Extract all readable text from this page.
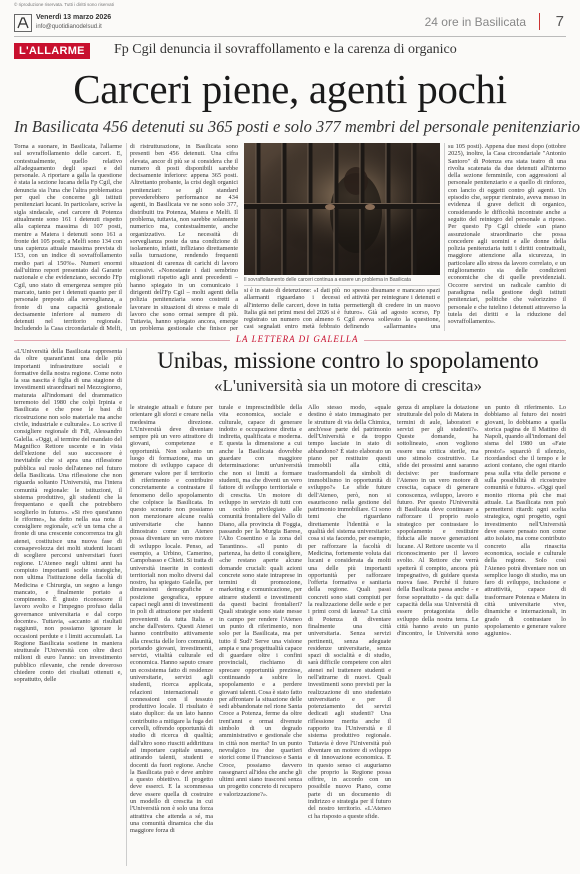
© riproduzione riservata. Tutti i diritti sono riservati
Venerdì 13 marzo 2026
info@quotidianodelsud.it	24 ore in Basilicata 7
L'ALLARME	Fp Cgil denuncia il sovraffollamento e la carenza di organico
Carceri piene, agenti pochi
In Basilicata 456 detenuti su 365 posti e solo 377 membri del personale penitenziario

Torna a suonare, in Basilicata, l'allarme sul sovraffollamento delle carceri. E, contestualmente, quello relativo all'adeguamento degli spazi e del personale. A riportare a galla la questione è stata la sezione lucana della Fp Cgil, che denuncia sia l'una che l'altra problematica per quel che concerne gli istituti penitenziari lucani. In particolare, scrive la sigla sindacale, «nel carcere di Potenza attualmente sono 161 i detenuti rispetto alla capienza massima di 107 posti, mentre a Matera i detenuti sono 161 a fronte dei 105 posti; a Melfi sono 134 con una capienza attuale massima prevista di 153, con un indice di sovraffollamento medio pari al 150%». Numeri enormi dall'ultimo report presentato dal Garante nazionale e che evidenziano, secondo l'Fp Cgil, uno stato di emergenza sempre più marcato, tanto per i detenuti quanto per il personale preposto alla sorveglianza, a fronte di una capacità gestionale decisamente inferiore al numero di detenuti nel territorio regionale. Includendo la Casa circondariale di Melfi,

di ristrutturazione, in Basilicata sono presenti ben 456 detenuti. Una cifra elevata, ancor di più se si considera che il numero di posti disponibili sarebbe decisamente inferiore: appena 365 posti. Altrettanto probante, la crisi degli organici penitenziari: se gli standard prevederebbero performance ne 434 agenti, in Basilicata ve ne sono solo 377, distribuiti tra Potenza, Matera e Melfi. Il problema, tuttavia, non sarebbe solamente numerico ma, contestualmente, anche organizzativo. Le necessità di sorveglianza poste da una condizione di isolamento, infatti, infliziano direttamente sulla turnazione, rendendo frequenti situazioni di carenza di carichi di lavoro eccessivi. «Nonostante i dati sembrino migliorati rispetto agli anni precedenti – hanno spiegato in un comunicato i dirigenti dell'Fp Cgil – molti agenti della polizia penitenziaria sono costretti a lavorare in situazioni di stress e male di lavoro che sono ormai sempre di più. Tuttavia, hanno spiegato ancora, emerge un problema gestionale che finisce per

Il sovraffollamento delle carceri continua a essere un problema in Basilicata

si è in stato di detenzione: «I dati più allarmanti riguardano i decessi all'interno delle carceri, dove in tutta Italia già nei primi mesi del 2026 si è registrato un numero con almeno 6 casi segnalati entro metà febbraio

no spesso disumane e mancano spazi ed attività per reintegrare i detenuti e permettergli di credere in un nuovo futuro». Già ad agosto scorso, Fp Cgil aveva sollevato la questione, definendo «allarmante» una

su 105 posti). Appena due mesi dopo (ottobre 2025), inoltre, la Casa circondariale "Antonio Santoro" di Potenza era stata teatro di una rivolta scatenata da due detenuti all'interno della sezione femminile, con aggressioni al personale penitenziario e a quello di rinforzo, con lancio di oggetti contro gli agenti. Un episodio che, seppur rientrato, aveva messo in evidenza il grave deficit di organico, considerando le difficoltà incontrate anche a seguito del reintegro del personale a riposo. Per questo Fp Cgil chiede «un piano assunzionale straordinario che possa concedere agli uomini e alle donne della polizia penitenziaria tutti i diritti contrattuali, maggiore attenzione alla sicurezza, in particolare allo stress da lavoro correlato, e un miglioramento sia delle condizioni economiche che di quelle previdenziali. Occorre servirsi un radicale cambio di paradigma nella gestione degli istituti penitenziari, politiche che valorizzino il personale e che tutelino i detenuti attraverso la tutela dei diritti e la riduzione del sovraffollamento».

LA LETTERA DI GALELLA

«L'Università della Basilicata rappresenta da oltre quarant'anni una delle più importanti infrastrutture sociali e formative della nostra regione. Come noto la sua nascita è figlia di una stagione di investimenti straordinari nel Mezzogiorno, maturata all'indomani del drammatico terremoto del 1980 che colpì Irpinia e Basilicata e che pose le basi di ricostruzione non solo materiale ma anche civile, industriale e culturale». Lo scrive il consigliere regionale di FdI, Alessandro Galella. «Oggi, al termine del mandato del Magnifico Rettore uscente e in vista dell'elezione del suo successore è inevitabile che si apra una riflessione pubblica sul ruolo dell'ateneo nel futuro della Basilicata. Una riflessione che non riguarda soltanto l'Università, ma l'intera comunità regionale: le istituzioni, il sistema produttivo, gli studenti che la frequentano e quelli che potrebbero sceglierlo in futuro». «Si rivo quest'anno le riforme», ha detto nella sua nota il consigliere regionale, «c'è un tema che a fronte di una crescente concorrenza tra gli atenei, costituisce una nuova fase di consapevolezza dei molti studenti lucani di scegliere percorsi universitari fuori regione. L'Ateneo negli ultimi anni ha compiuto importanti scelte strategiche, non ultima l'istituzione della facoltà di Medicina e Chirurgia, un segno a lungo mancato, e finalmente portato a compimento. È giusto riconoscere il lavoro svolto e l'impegno profuso dalla governance universitaria e dal corpo docente». Tuttavia, «accanto ai risultati raggiunti, non possiamo ignorare le occasioni perdute e i limiti accumulati. La Regione Basilicata sostiene in maniera strutturale l'Università con oltre dieci milioni di euro l'anno: un investimento pubblico rilevante, che rende doveroso chiedere conto dei risultati ottenuti e, soprattutto, delle

Unibas, missione contro lo spopolamento
«L'università sia un motore di crescita»

le strategie attuali e future per orientare gli sforzi e creare nella medesima direzione. L'Università deve diventare sempre più un vero attrattore di giovani, competenze e opportunità. Non soltanto un luogo di formazione, ma un motore di sviluppo capace di generare valore per il territorio di riferimento e contribuire concretamente a contrastare il fenomeno dello spopolamento che colpisce la Basilicata. In questo scenario non possiamo non menzionare alcune realtà universitarie che hanno dimostrato come un Ateneo possa diventare un vero motore di sviluppo locale. Penso, ad esempio, a Urbino, Camerino, Campobasso e Chieti. Si tratta di università inserite in contesti territoriali non molto diversi dal nostro, ha spiegato Galella, per dimensioni demografiche e posizione geografica, eppure capaci negli anni di investimenti in poli di attrazione per studenti provenienti da tutta Italia e anche dall'estero. Questi Atenei hanno contribuito attivamente alla crescita delle loro comunità, portando giovani, investimenti, servizi, vitalità culturale ed economica. Hanno saputo creare un ecosistema fatto di residenze universitarie, servizi agli studenti, ricerca applicata, relazioni internazionali e connessioni con il tessuto produttivo locale. Il risultato è stato duplice: da un lato hanno contribuito a mitigare la fuga dei cervelli, offrendo opportunità di studio di ricerca di qualità; dall'altro sono riusciti addirittura ad importare capitale umano, attirando talenti, studenti e docenti da fuori regione. Anche la Basilicata può e deve ambire a questo obiettivo. Il progetto deve esserci. E la scommessa deve essere quella di costruire un modello di crescita in cui l'Università non è solo una forza attrattiva che attenda a sé, ma una comunità dinamica che dia maggiore forza di

turale e imprescindibile della vita economica, sociale e culturale, capace di generare indotto e occupazione diretta e indiretta, qualificata e moderna. E questa la dimensione a cui anche la Basilicata dovrebbe guardare con maggiore determinazione: un'università che non si limiti a formare studenti, ma che diventi un vero fattore di sviluppo territoriale e di crescita. Un motore di sviluppo in servizio di tutti con un occhio privilegiato alle comunità frontaliere del Vallo di Diano, alla provincia di Foggia, passando per la Murgia Barese, l'Alto Cosentino e la zona del Tarantino». «Il punto di partenza, ha detto il consigliere, «che restano aperte alcune domande cruciali: quali azioni concrete sono state intraprese in termini di promozione, marketing e comunicazione, per attrarre studenti e investimenti da questi bacini frontalieri? Quali strategie sono state messe in campo per rendere l'Ateneo un punto di riferimento, non solo per la Basilicata, ma per tutto il Sud? Serve una visione ampia e una progettualità capace di guardare oltre i confini provinciali, rischiamo di sprecare opportunità preziose, continuando a subire lo spopolamento e a perdere giovani talenti. Cosa è stato fatto per affrontare la situazione delle sedi abbandonate nel rione Santa Croce a Potenza, ferme da oltre trent'anni e ormai divenute simbolo di un degrado amministrativo e gestionale che in città non merita? In un punto nevralgico tra due quartieri storici come il Francioso e Santa Croce, possiamo davvero rassegnarci all'idea che anche gli ultimi anni siano trascorsi senza un progetto concreto di recupero e valorizzazione?».

Allo stesso modo, «quale destino è stato immaginato per le strutture di via della Chimica, anch'esse parte del patrimonio dell'Università e da troppo tempo lasciate in stato di abbandono? È stato elaborato un piano per restituire questi immobili alla città, trasformandoli da simboli di immobilismo in opportunità di sviluppo?» Le sfide future dell'Ateneo, però, non si esauriscono nella gestione del patrimonio immobiliare. Ci sono temi che riguardano direttamente l'identità e la qualità del sistema universitario: cosa si sta facendo, per esempio, per rafforzare la facoltà di Medicina, fortemente voluta dai lucani e considerata da molti una delle più importanti opportunità per rafforzare l'offerta formativa e sanitaria della regione. Quali passi concreti sono stati compiuti per la realizzazione delle sede e per i primi corsi di laurea? La città di Potenza di diventare finalmente una città universitaria. Senza servizi pertinenti, senza adeguate residenze universitarie, senza spazi di socialità e di studio, sarà difficile competere con altri atenei nel trattenere studenti e nell'attrarne di nuovi. Quali investimenti sono previsti per la realizzazione di uno studentato universitario e per il potenziamento dei servizi dedicati agli studenti? Una riflessione merita anche il rapporto tra l'Università e il sistema produttivo regionale. Tuttavia è dove l'Università può diventare un motore di sviluppo e di innovazione economica. E in questo senso ci auguriamo che proprio la Regione possa offrire, in accordo con un possibile nuovo Piano, come parte di un documento di indirizzo e strategia per il futuro del nostro territorio. «L'Ateneo ci ha risposto a queste sfide.

genza di ampliare la dotazione strutturale del polo di Matera in termini di aule, laboratori e servizi per gli studenti?». Queste domande, ha sottolineato, «non vogliono essere una critica sterile, ma uno stimolo costruttivo. Le sfide dei prossimi anni saranno decisive: per trasformare l'Ateneo in un vero motore di crescita, capace di generare conoscenza, sviluppo, lavoro e futuro. Per questo l'Università di Basilicata deve continuare a rafforzare il proprio ruolo strategico per contrastare lo spopolamento e restituire fiducia alle nuove generazioni lucane. Al Rettore uscente va il riconoscimento per il lavoro svolto. Al Rettore che verrà spetterà il compito, ancora più impegnativo, di guidare questa nuova fase. Perché il futuro della Basilicata passa anche - e forse soprattutto - da qui: dalla capacità della sua Università di essere protagonista dello sviluppo della nostra terra. Le città hanno avuto un punto d'incontro, le Università sono un punto di riferimento. Lo dobbiamo al futuro dei nostri giovani, lo dobbiamo a quella storica pagina de Il Mattino di Napoli, quando all'indomani del sisma del 1980 un «Fate presto!» squarciò il silenzio, ricordandoci che il tempo e le azioni contano, che ogni ritardo pesa sulla vita delle persone e sulla possibilità di ricostruire comunità e futuro». «Oggi quel monito ritorna più che mai attuale. La Basilicata non può permettersi ritardi: ogni scelta strategica, ogni progetto, ogni investimento nell'Università deve essere pensato non come atto isolato, ma come contributo concreto alla rinascita economica, sociale e culturale della regione. Solo così l'Ateneo potrà diventare non un semplice luogo di studio, ma un faro di sviluppo, inclusione e attrattività, capace di trasformare Potenza e Matera in città universitarie vive, dinamiche e internazionali, in grado di contrastare lo spopolamento e generare valore aggiunto».
